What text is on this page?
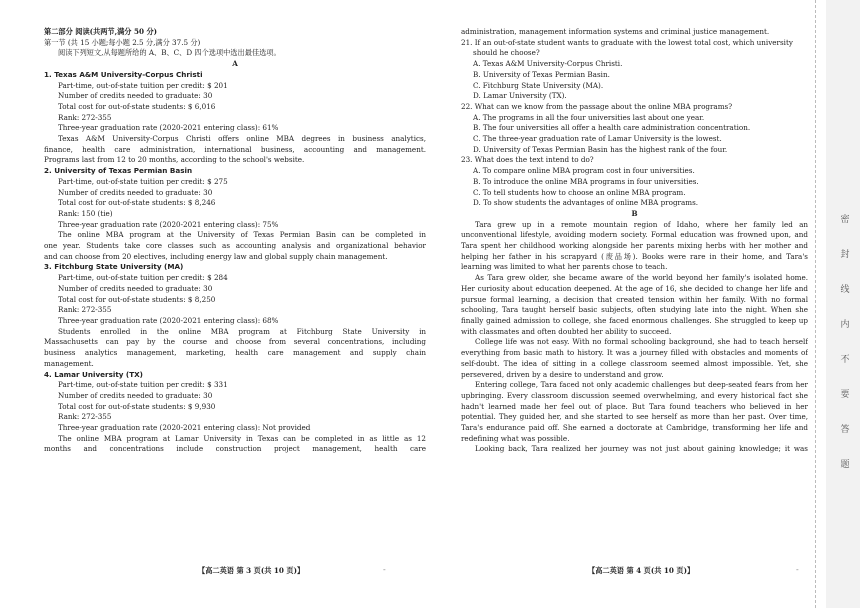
第二部分 阅读(共两节,满分 50 分)
第一节 (共 15 小题;每小题 2.5 分,满分 37.5 分)
阅读下列短文,从每题所给的 A、B、C、D 四个选项中选出最佳选项。
A
1. Texas A&M University-Corpus Christi
Part-time, out-of-state tuition per credit: $ 201
Number of credits needed to graduate: 30
Total cost for out-of-state students: $ 6,016
Rank: 272-355
Three-year graduation rate (2020-2021 entering class): 61%
Texas A&M University-Corpus Christi offers online MBA degrees in business analytics,
finance, health care administration, international business, accounting and management.
Programs last from 12 to 20 months, according to the school's website.
2. University of Texas Permian Basin
Part-time, out-of-state tuition per credit: $ 275
Number of credits needed to graduate: 30
Total cost for out-of-state students: $ 8,246
Rank: 150 (tie)
Three-year graduation rate (2020-2021 entering class): 75%
The online MBA program at the University of Texas Permian Basin can be completed in
one year. Students take core classes such as accounting analysis and organizational behavior
and can choose from 20 electives, including energy law and global supply chain management.
3. Fitchburg State University (MA)
Part-time, out-of-state tuition per credit: $ 284
Number of credits needed to graduate: 30
Total cost for out-of-state students: $ 8,250
Rank: 272-355
Three-year graduation rate (2020-2021 entering class): 68%
Students enrolled in the online MBA program at Fitchburg State University in
Massachusetts can pay by the course and choose from several concentrations, including
business analytics management, marketing, health care management and supply chain
management.
4. Lamar University (TX)
Part-time, out-of-state tuition per credit: $ 331
Number of credits needed to graduate: 30
Total cost for out-of-state students: $ 9,930
Rank: 272-355
Three-year graduation rate (2020-2021 entering class): Not provided
The online MBA program at Lamar University in Texas can be completed in as little as 12
months and concentrations include construction project management, health care
administration, management information systems and criminal justice management.
21. If an out-of-state student wants to graduate with the lowest total cost, which university
should he choose?
A. Texas A&M University-Corpus Christi.
B. University of Texas Permian Basin.
C. Fitchburg State University (MA).
D. Lamar University (TX).
22. What can we know from the passage about the online MBA programs?
A. The programs in all the four universities last about one year.
B. The four universities all offer a health care administration concentration.
C. The three-year graduation rate of Lamar University is the lowest.
D. University of Texas Permian Basin has the highest rank of the four.
23. What does the text intend to do?
A. To compare online MBA program cost in four universities.
B. To introduce the online MBA programs in four universities.
C. To tell students how to choose an online MBA program.
D. To show students the advantages of online MBA programs.
B
Tara grew up in a remote mountain region of Idaho, where her family led an
unconventional lifestyle, avoiding modern society. Formal education was frowned upon, and
Tara spent her childhood working alongside her parents mixing herbs with her mother and
helping her father in his scrapyard (废品场). Books were rare in their home, and Tara's
learning was limited to what her parents chose to teach.
As Tara grew older, she became aware of the world beyond her family's isolated home.
Her curiosity about education deepened. At the age of 16, she decided to change her life and
pursue formal learning, a decision that created tension within her family. With no formal
schooling, Tara taught herself basic subjects, often studying late into the night. When she
finally gained admission to college, she faced enormous challenges. She struggled to keep up
with classmates and often doubted her ability to succeed.
College life was not easy. With no formal schooling background, she had to teach herself
everything from basic math to history. It was a journey filled with obstacles and moments of
self-doubt. The idea of sitting in a college classroom seemed almost impossible. Yet, she
persevered, driven by a desire to understand and grow.
Entering college, Tara faced not only academic challenges but deep-seated fears from her
upbringing. Every classroom discussion seemed overwhelming, and every historical fact she
hadn't learned made her feel out of place. But Tara found teachers who believed in her
potential. They guided her, and she started to see herself as more than her past. Over time,
Tara's endurance paid off. She earned a doctorate at Cambridge, transforming her life and
redefining what was possible.
Looking back, Tara realized her journey was not just about gaining knowledge; it was
【高二英语 第 3 页(共 10 页)】	【高二英语 第 4 页(共 10 页)】
-	-
密
封
线
内
不
要
答
题
